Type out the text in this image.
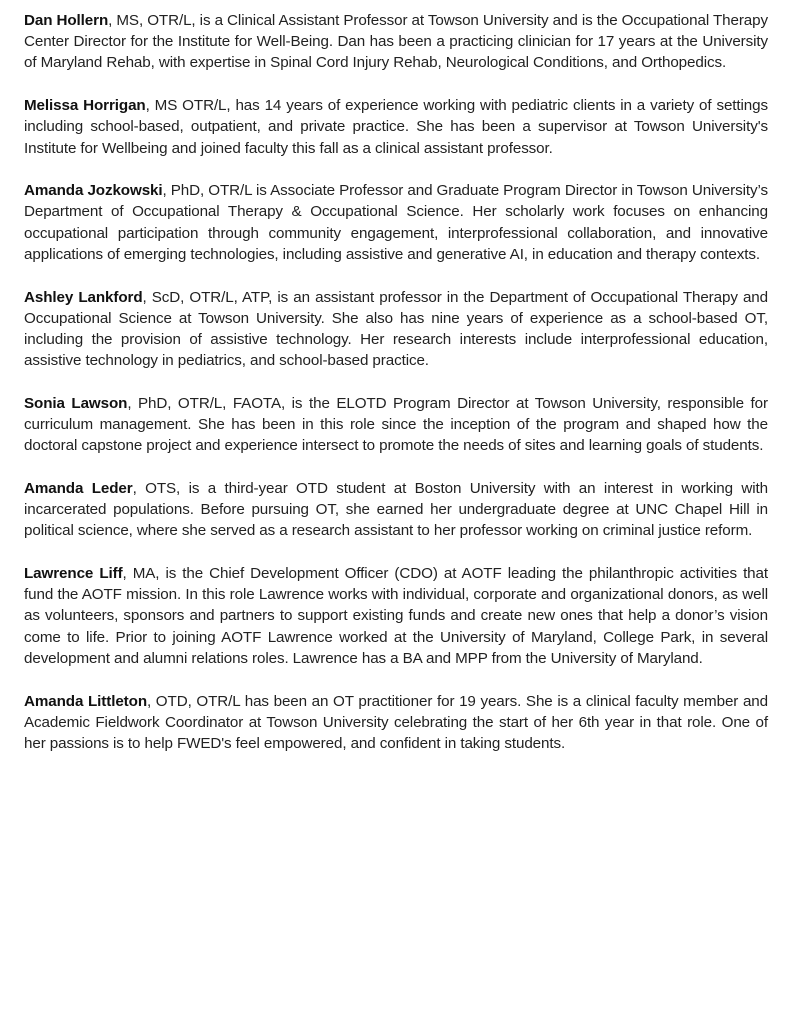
Dan Hollern, MS, OTR/L, is a Clinical Assistant Professor at Towson University and is the Occupational Therapy Center Director for the Institute for Well-Being. Dan has been a practicing clinician for 17 years at the University of Maryland Rehab, with expertise in Spinal Cord Injury Rehab, Neurological Conditions, and Orthopedics.

Melissa Horrigan, MS OTR/L, has 14 years of experience working with pediatric clients in a variety of settings including school-based, outpatient, and private practice. She has been a supervisor at Towson University's Institute for Wellbeing and joined faculty this fall as a clinical assistant professor.

Amanda Jozkowski, PhD, OTR/L is Associate Professor and Graduate Program Director in Towson University’s Department of Occupational Therapy & Occupational Science. Her scholarly work focuses on enhancing occupational participation through community engagement, interprofessional collaboration, and innovative applications of emerging technologies, including assistive and generative AI, in education and therapy contexts.

Ashley Lankford, ScD, OTR/L, ATP, is an assistant professor in the Department of Occupational Therapy and Occupational Science at Towson University. She also has nine years of experience as a school-based OT, including the provision of assistive technology. Her research interests include interprofessional education, assistive technology in pediatrics, and school-based practice.

Sonia Lawson, PhD, OTR/L, FAOTA, is the ELOTD Program Director at Towson University, responsible for curriculum management. She has been in this role since the inception of the program and shaped how the doctoral capstone project and experience intersect to promote the needs of sites and learning goals of students.

Amanda Leder, OTS, is a third-year OTD student at Boston University with an interest in working with incarcerated populations. Before pursuing OT, she earned her undergraduate degree at UNC Chapel Hill in political science, where she served as a research assistant to her professor working on criminal justice reform.

Lawrence Liff, MA, is the Chief Development Officer (CDO) at AOTF leading the philanthropic activities that fund the AOTF mission. In this role Lawrence works with individual, corporate and organizational donors, as well as volunteers, sponsors and partners to support existing funds and create new ones that help a donor’s vision come to life. Prior to joining AOTF Lawrence worked at the University of Maryland, College Park, in several development and alumni relations roles. Lawrence has a BA and MPP from the University of Maryland.

Amanda Littleton, OTD, OTR/L has been an OT practitioner for 19 years. She is a clinical faculty member and Academic Fieldwork Coordinator at Towson University celebrating the start of her 6th year in that role. One of her passions is to help FWED's feel empowered, and confident in taking students.
